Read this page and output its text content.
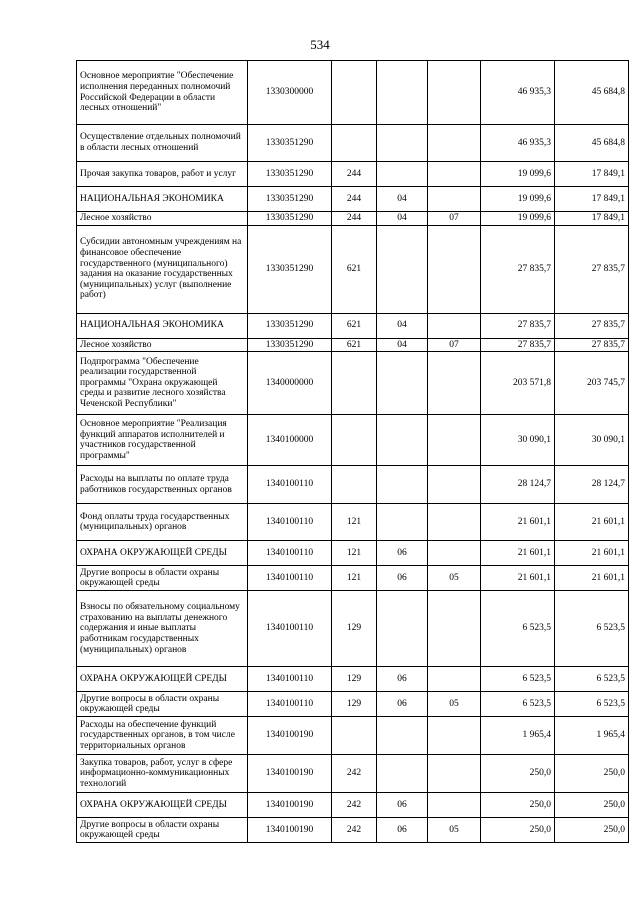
534
Основное мероприятие "Обеспечение исполнения переданных полномочий Российской Федерации в области лесных отношений"	1330300000				46 935,3	45 684,8
Осуществление отдельных полномочий в области лесных отношений	1330351290				46 935,3	45 684,8
Прочая закупка товаров, работ и услуг	1330351290	244			19 099,6	17 849,1
НАЦИОНАЛЬНАЯ ЭКОНОМИКА	1330351290	244	04		19 099,6	17 849,1
Лесное хозяйство	1330351290	244	04	07	19 099,6	17 849,1
Субсидии автономным учреждениям на финансовое обеспечение государственного (муниципального) задания на оказание государственных (муниципальных) услуг (выполнение работ)	1330351290	621			27 835,7	27 835,7
НАЦИОНАЛЬНАЯ ЭКОНОМИКА	1330351290	621	04		27 835,7	27 835,7
Лесное хозяйство	1330351290	621	04	07	27 835,7	27 835,7
Подпрограмма "Обеспечение реализации государственной программы "Охрана окружающей среды и развитие лесного хозяйства Чеченской Республики"	1340000000				203 571,8	203 745,7
Основное мероприятие "Реализация функций аппаратов исполнителей и участников государственной программы"	1340100000				30 090,1	30 090,1
Расходы на выплаты по оплате труда работников государственных органов	1340100110				28 124,7	28 124,7
Фонд оплаты труда государственных (муниципальных) органов	1340100110	121			21 601,1	21 601,1
ОХРАНА ОКРУЖАЮЩЕЙ СРЕДЫ	1340100110	121	06		21 601,1	21 601,1
Другие вопросы в области охраны окружающей среды	1340100110	121	06	05	21 601,1	21 601,1
Взносы по обязательному социальному страхованию на выплаты денежного содержания и иные выплаты работникам государственных (муниципальных) органов	1340100110	129			6 523,5	6 523,5
ОХРАНА ОКРУЖАЮЩЕЙ СРЕДЫ	1340100110	129	06		6 523,5	6 523,5
Другие вопросы в области охраны окружающей среды	1340100110	129	06	05	6 523,5	6 523,5
Расходы на обеспечение функций государственных органов, в том числе территориальных органов	1340100190				1 965,4	1 965,4
Закупка товаров, работ, услуг в сфере информационно-коммуникационных технологий	1340100190	242			250,0	250,0
ОХРАНА ОКРУЖАЮЩЕЙ СРЕДЫ	1340100190	242	06		250,0	250,0
Другие вопросы в области охраны окружающей среды	1340100190	242	06	05	250,0	250,0
